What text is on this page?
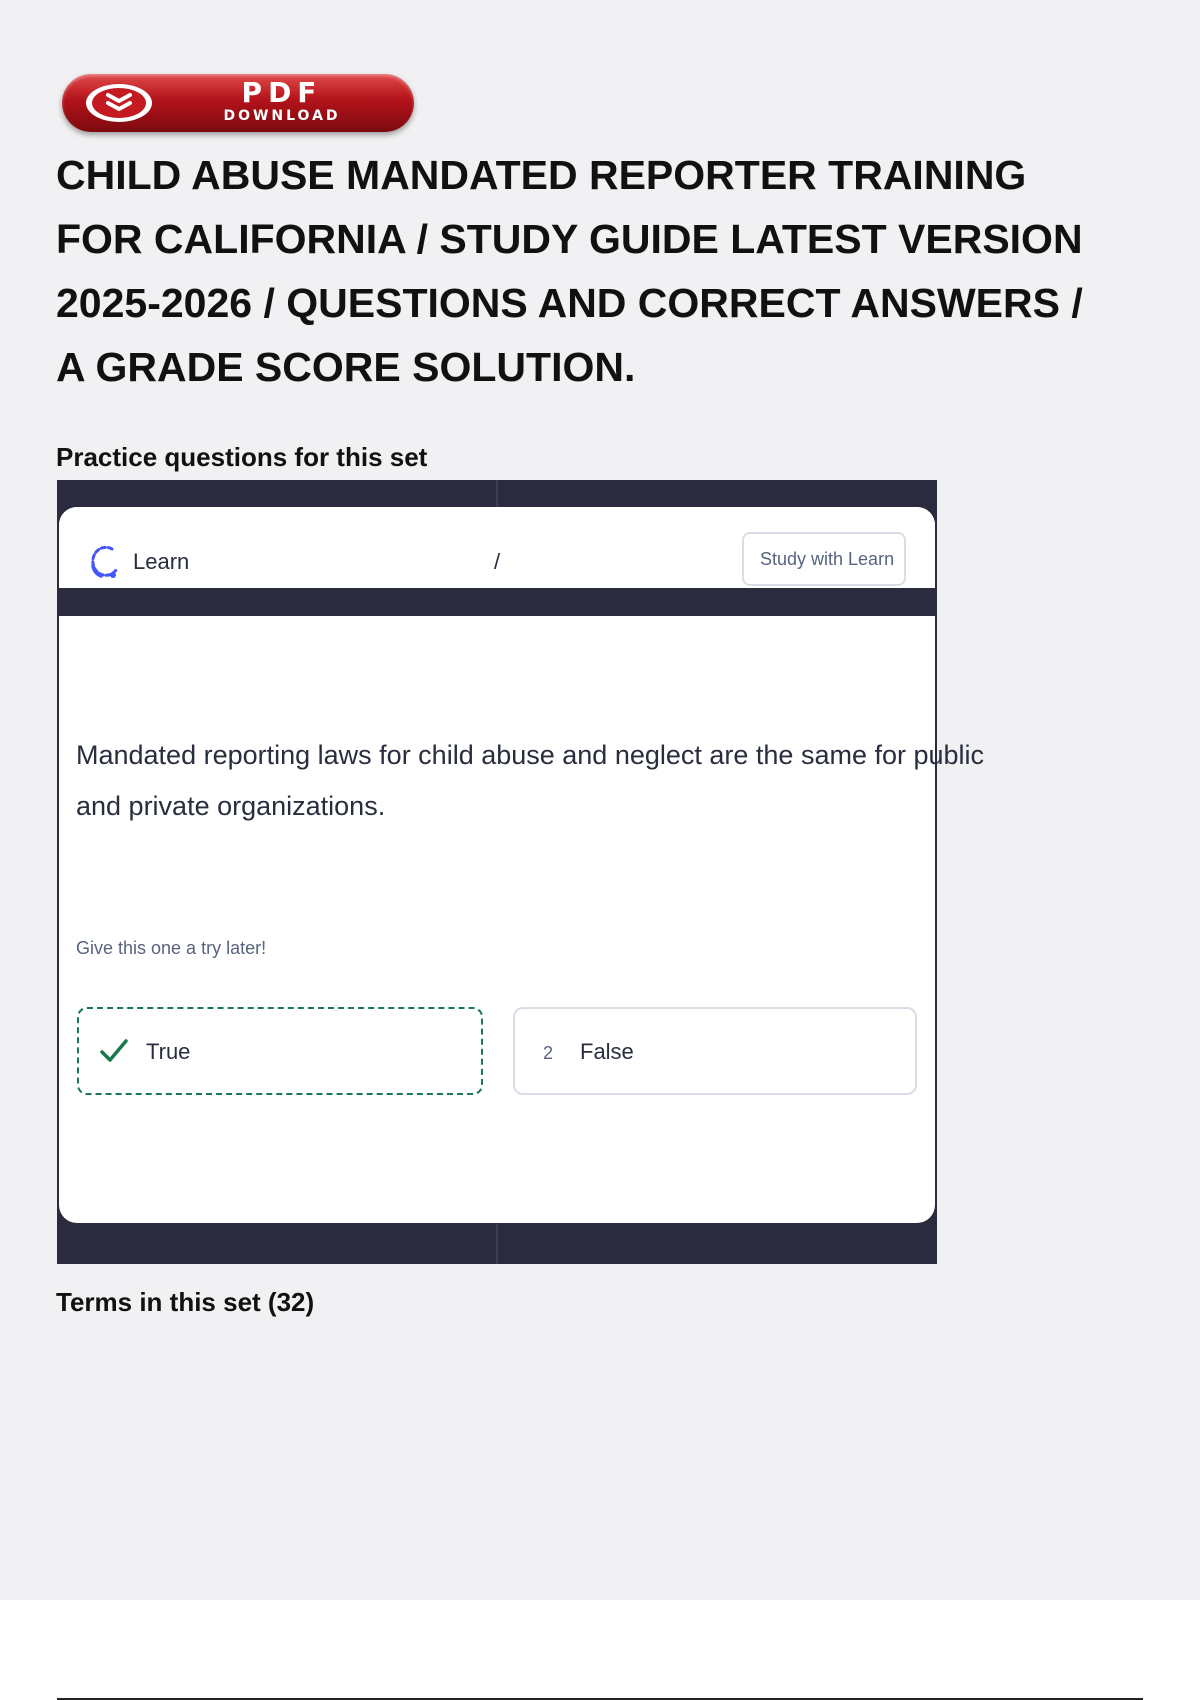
PDF
DOWNLOAD
CHILD ABUSE MANDATED REPORTER TRAINING FOR CALIFORNIA / STUDY GUIDE LATEST VERSION 2025-2026 / QUESTIONS AND CORRECT ANSWERS / A GRADE SCORE SOLUTION.
Practice questions for this set
Learn	/	Study with Learn

Mandated reporting laws for child abuse and neglect are the same for public and private organizations.

Give this one a try later!
True	2 False
Terms in this set (32)
